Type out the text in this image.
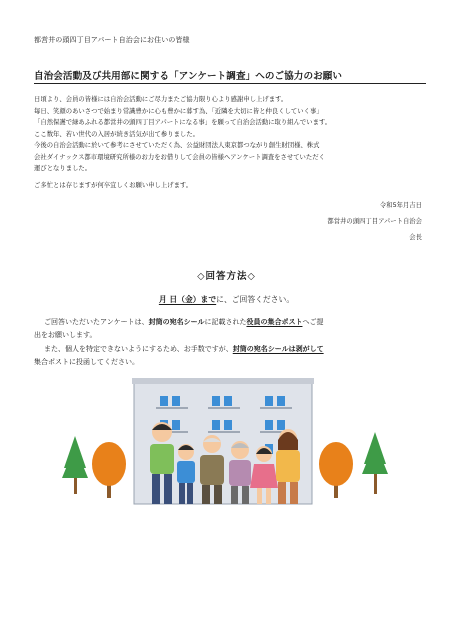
都営井の頭四丁目アパート自治会にお住いの皆様
自治会活動及び共用部に関する「アンケート調査」へのご協力のお願い
日頃より、会員の皆様には自治会活動にご尽力またご協力限り心より感謝申し上げます。
毎日、笑顔のあいさつで始まり常識豊かに心も豊かに暮す為、「近隣を大切に皆と仲良くしていく事」
「自然保護で緑あふれる都営井の頭四丁目アパートになる事」を願って自治会活動に取り組んでいます。
ここ数年、若い世代の入居が続き活気が出て参りました。
今後の自治会活動に於いて参考にさせていただく為、公益財団法人東京都つながり創生財団様、株式
会社ダイナックス都市環境研究所様のお力をお借りして会員の皆様へアンケート調査をさせていただく
運びとなりました。
ご多忙とは存じますが何卒宜しくお願い申し上げます。
令和5年月吉日
都営井の頭四丁目アパート自治会
会長
◇回答方法◇
月 日（金）までに、ご回答ください。
ご回答いただいたアンケートは、封筒の宛名シールに記載された役員の集合ポストへご提
出をお願いします。
また、個人を特定できないようにするため、お手数ですが、封筒の宛名シールは剥がして
集合ポストに投函してください。
